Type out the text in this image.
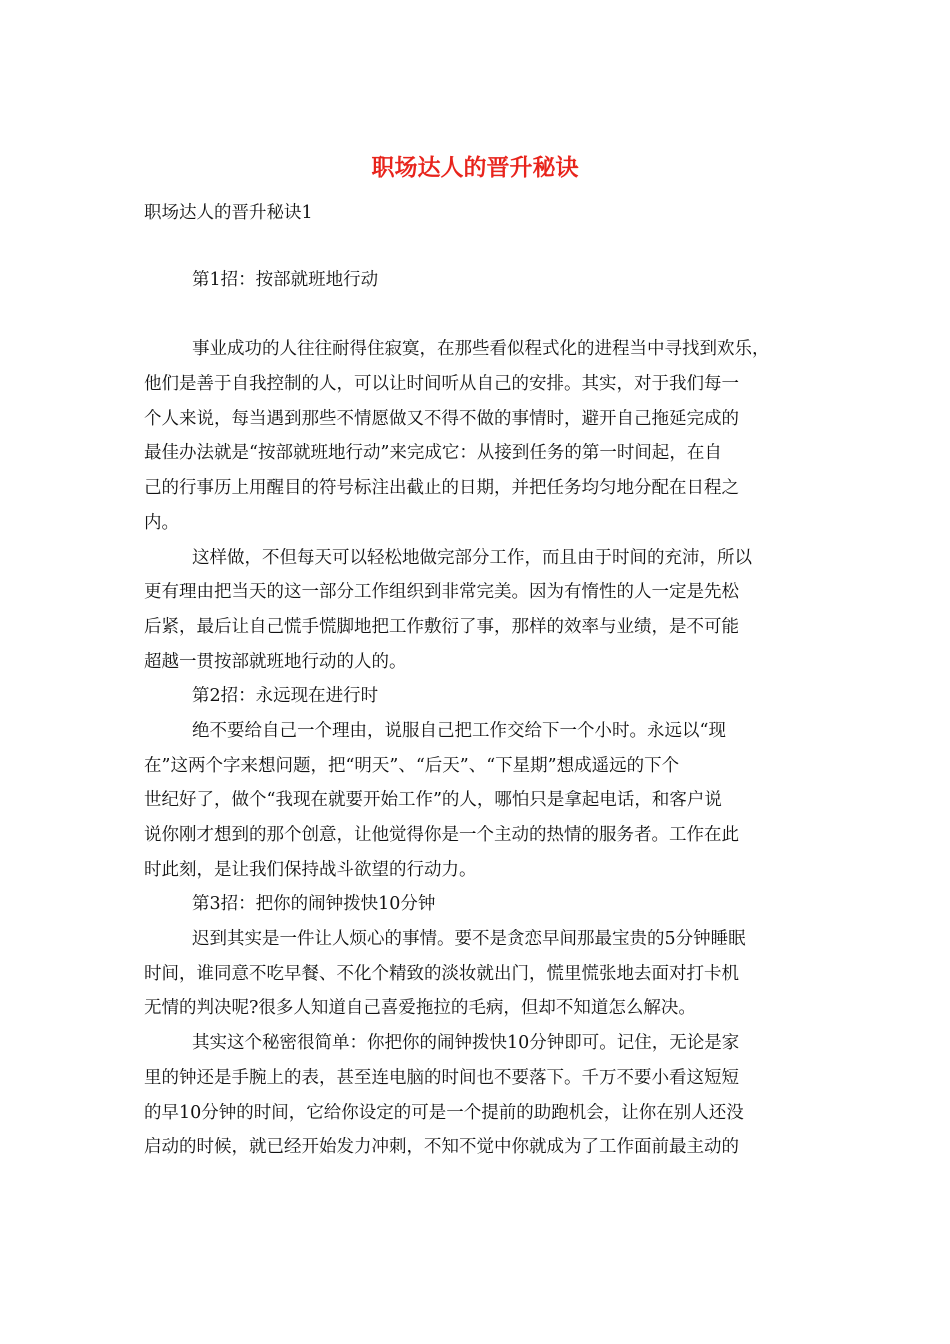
职场达人的晋升秘诀
职场达人的晋升秘诀1
第1招：按部就班地行动
事业成功的人往往耐得住寂寞，在那些看似程式化的进程当中寻找到欢乐，
他们是善于自我控制的人，可以让时间听从自己的安排。其实，对于我们每一
个人来说，每当遇到那些不情愿做又不得不做的事情时，避开自己拖延完成的
最佳办法就是“按部就班地行动”来完成它：从接到任务的第一时间起，在自
己的行事历上用醒目的符号标注出截止的日期，并把任务均匀地分配在日程之
内。
这样做，不但每天可以轻松地做完部分工作，而且由于时间的充沛，所以
更有理由把当天的这一部分工作组织到非常完美。因为有惰性的人一定是先松
后紧，最后让自己慌手慌脚地把工作敷衍了事，那样的效率与业绩，是不可能
超越一贯按部就班地行动的人的。
第2招：永远现在进行时
绝不要给自己一个理由，说服自己把工作交给下一个小时。永远以“现
在”这两个字来想问题，把“明天”、“后天”、“下星期”想成遥远的下个
世纪好了，做个“我现在就要开始工作”的人，哪怕只是拿起电话，和客户说
说你刚才想到的那个创意，让他觉得你是一个主动的热情的服务者。工作在此
时此刻，是让我们保持战斗欲望的行动力。
第3招：把你的闹钟拨快10分钟
迟到其实是一件让人烦心的事情。要不是贪恋早间那最宝贵的5分钟睡眠
时间，谁同意不吃早餐、不化个精致的淡妆就出门，慌里慌张地去面对打卡机
无情的判决呢?很多人知道自己喜爱拖拉的毛病，但却不知道怎么解决。
其实这个秘密很简单：你把你的闹钟拨快10分钟即可。记住，无论是家
里的钟还是手腕上的表，甚至连电脑的时间也不要落下。千万不要小看这短短
的早10分钟的时间，它给你设定的可是一个提前的助跑机会，让你在别人还没
启动的时候，就已经开始发力冲刺，不知不觉中你就成为了工作面前最主动的
